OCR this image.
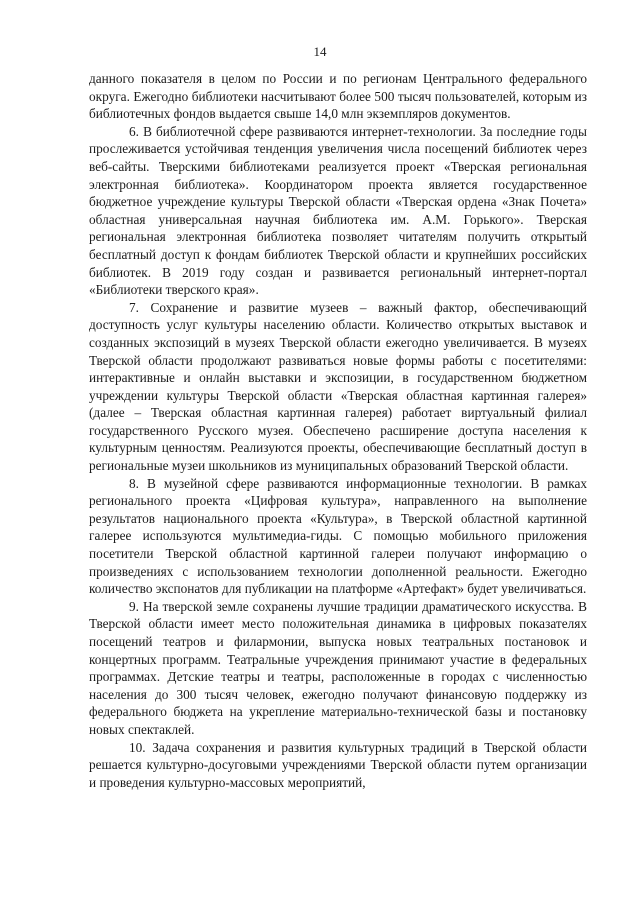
14

данного показателя в целом по России и по регионам Центрального федерального округа. Ежегодно библиотеки насчитывают более 500 тысяч пользователей, которым из библиотечных фондов выдается свыше 14,0 млн экземпляров документов.

6. В библиотечной сфере развиваются интернет-технологии. За последние годы прослеживается устойчивая тенденция увеличения числа посещений библиотек через веб-сайты. Тверскими библиотеками реализуется проект «Тверская региональная электронная библиотека». Координатором проекта является государственное бюджетное учреждение культуры Тверской области «Тверская ордена «Знак Почета» областная универсальная научная библиотека им. А.М. Горького». Тверская региональная электронная библиотека позволяет читателям получить открытый бесплатный доступ к фондам библиотек Тверской области и крупнейших российских библиотек. В 2019 году создан и развивается региональный интернет-портал «Библиотеки тверского края».

7. Сохранение и развитие музеев – важный фактор, обеспечивающий доступность услуг культуры населению области. Количество открытых выставок и созданных экспозиций в музеях Тверской области ежегодно увеличивается. В музеях Тверской области продолжают развиваться новые формы работы с посетителями: интерактивные и онлайн выставки и экспозиции, в государственном бюджетном учреждении культуры Тверской области «Тверская областная картинная галерея» (далее – Тверская областная картинная галерея) работает виртуальный филиал государственного Русского музея. Обеспечено расширение доступа населения к культурным ценностям. Реализуются проекты, обеспечивающие бесплатный доступ в региональные музеи школьников из муниципальных образований Тверской области.

8. В музейной сфере развиваются информационные технологии. В рамках регионального проекта «Цифровая культура», направленного на выполнение результатов национального проекта «Культура», в Тверской областной картинной галерее используются мультимедиа-гиды. С помощью мобильного приложения посетители Тверской областной картинной галереи получают информацию о произведениях с использованием технологии дополненной реальности. Ежегодно количество экспонатов для публикации на платформе «Артефакт» будет увеличиваться.

9. На тверской земле сохранены лучшие традиции драматического искусства. В Тверской области имеет место положительная динамика в цифровых показателях посещений театров и филармонии, выпуска новых театральных постановок и концертных программ. Театральные учреждения принимают участие в федеральных программах. Детские театры и театры, расположенные в городах с численностью населения до 300 тысяч человек, ежегодно получают финансовую поддержку из федерального бюджета на укрепление материально-технической базы и постановку новых спектаклей.

10. Задача сохранения и развития культурных традиций в Тверской области решается культурно-досуговыми учреждениями Тверской области путем организации и проведения культурно-массовых мероприятий,
